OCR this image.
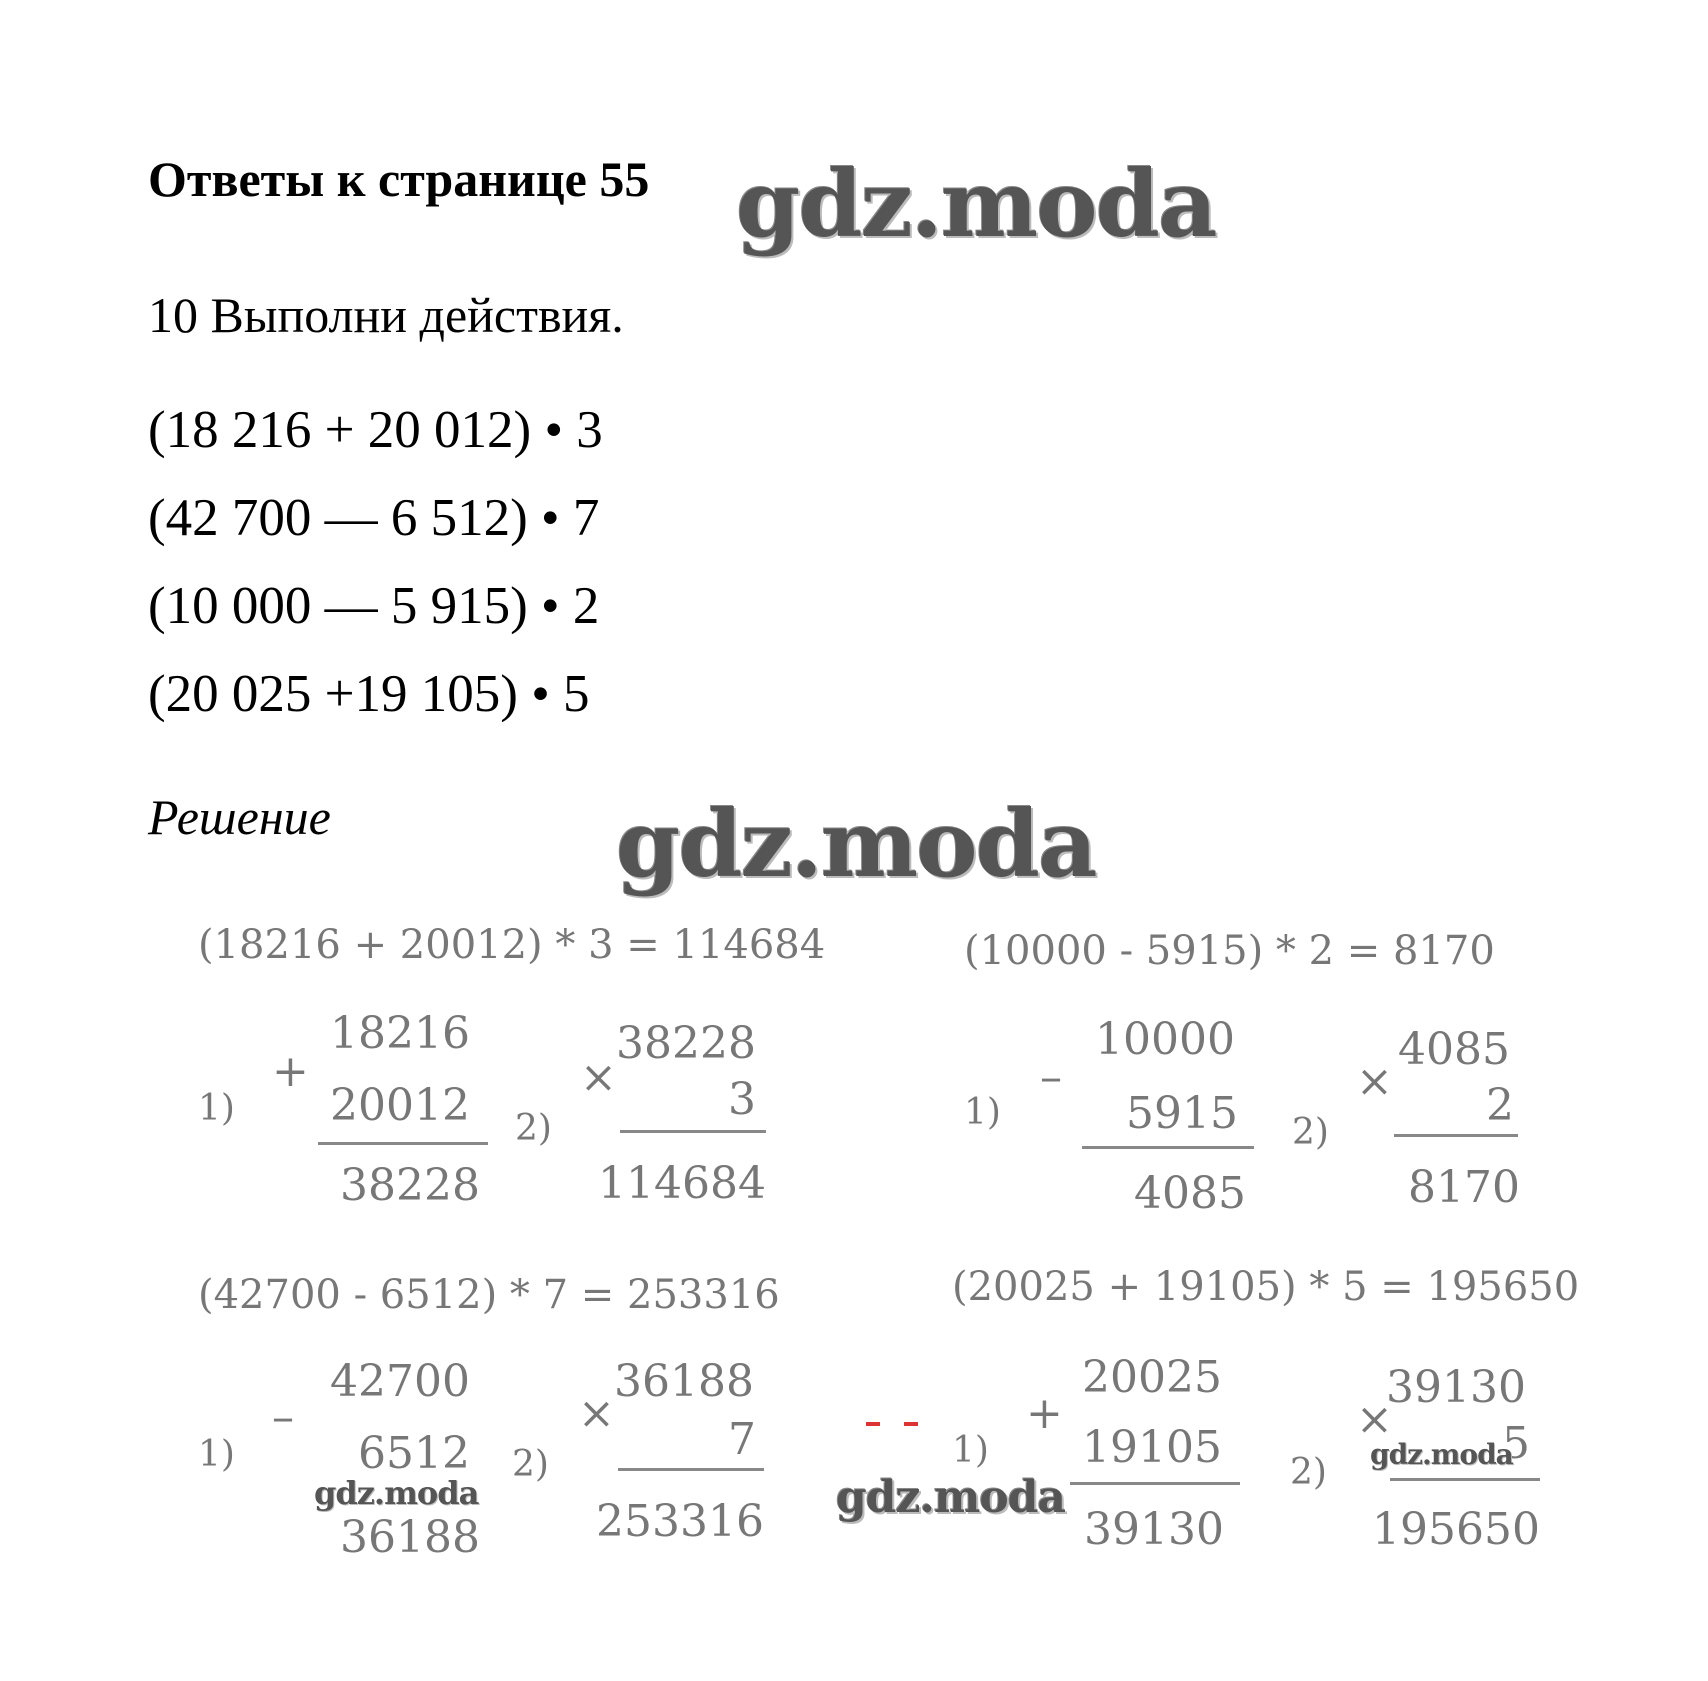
Ответы к странице 55 gdz.moda
10 Выполни действия.
(18 216 + 20 012) • 3
(42 700 — 6 512) • 7
(10 000 — 5 915) • 2
(20 025 +19 105) • 5
Решение	gdz.moda
(18216 + 20012) * 3 = 114684
1)
+
18216
20012
38228
2)
×
38228
3
114684
(10000 - 5915) * 2 = 8170
1)
–
10000
5915
4085
2)
×
4085
2
8170
(42700 - 6512) * 7 = 253316
1)
–
42700
6512
36188
2)
×
36188
7
253316
gdz.moda	gdz.moda
(20025 + 19105) * 5 = 195650
1)
+
20025
19105
39130
2)
×
39130
5
195650
gdz.moda
